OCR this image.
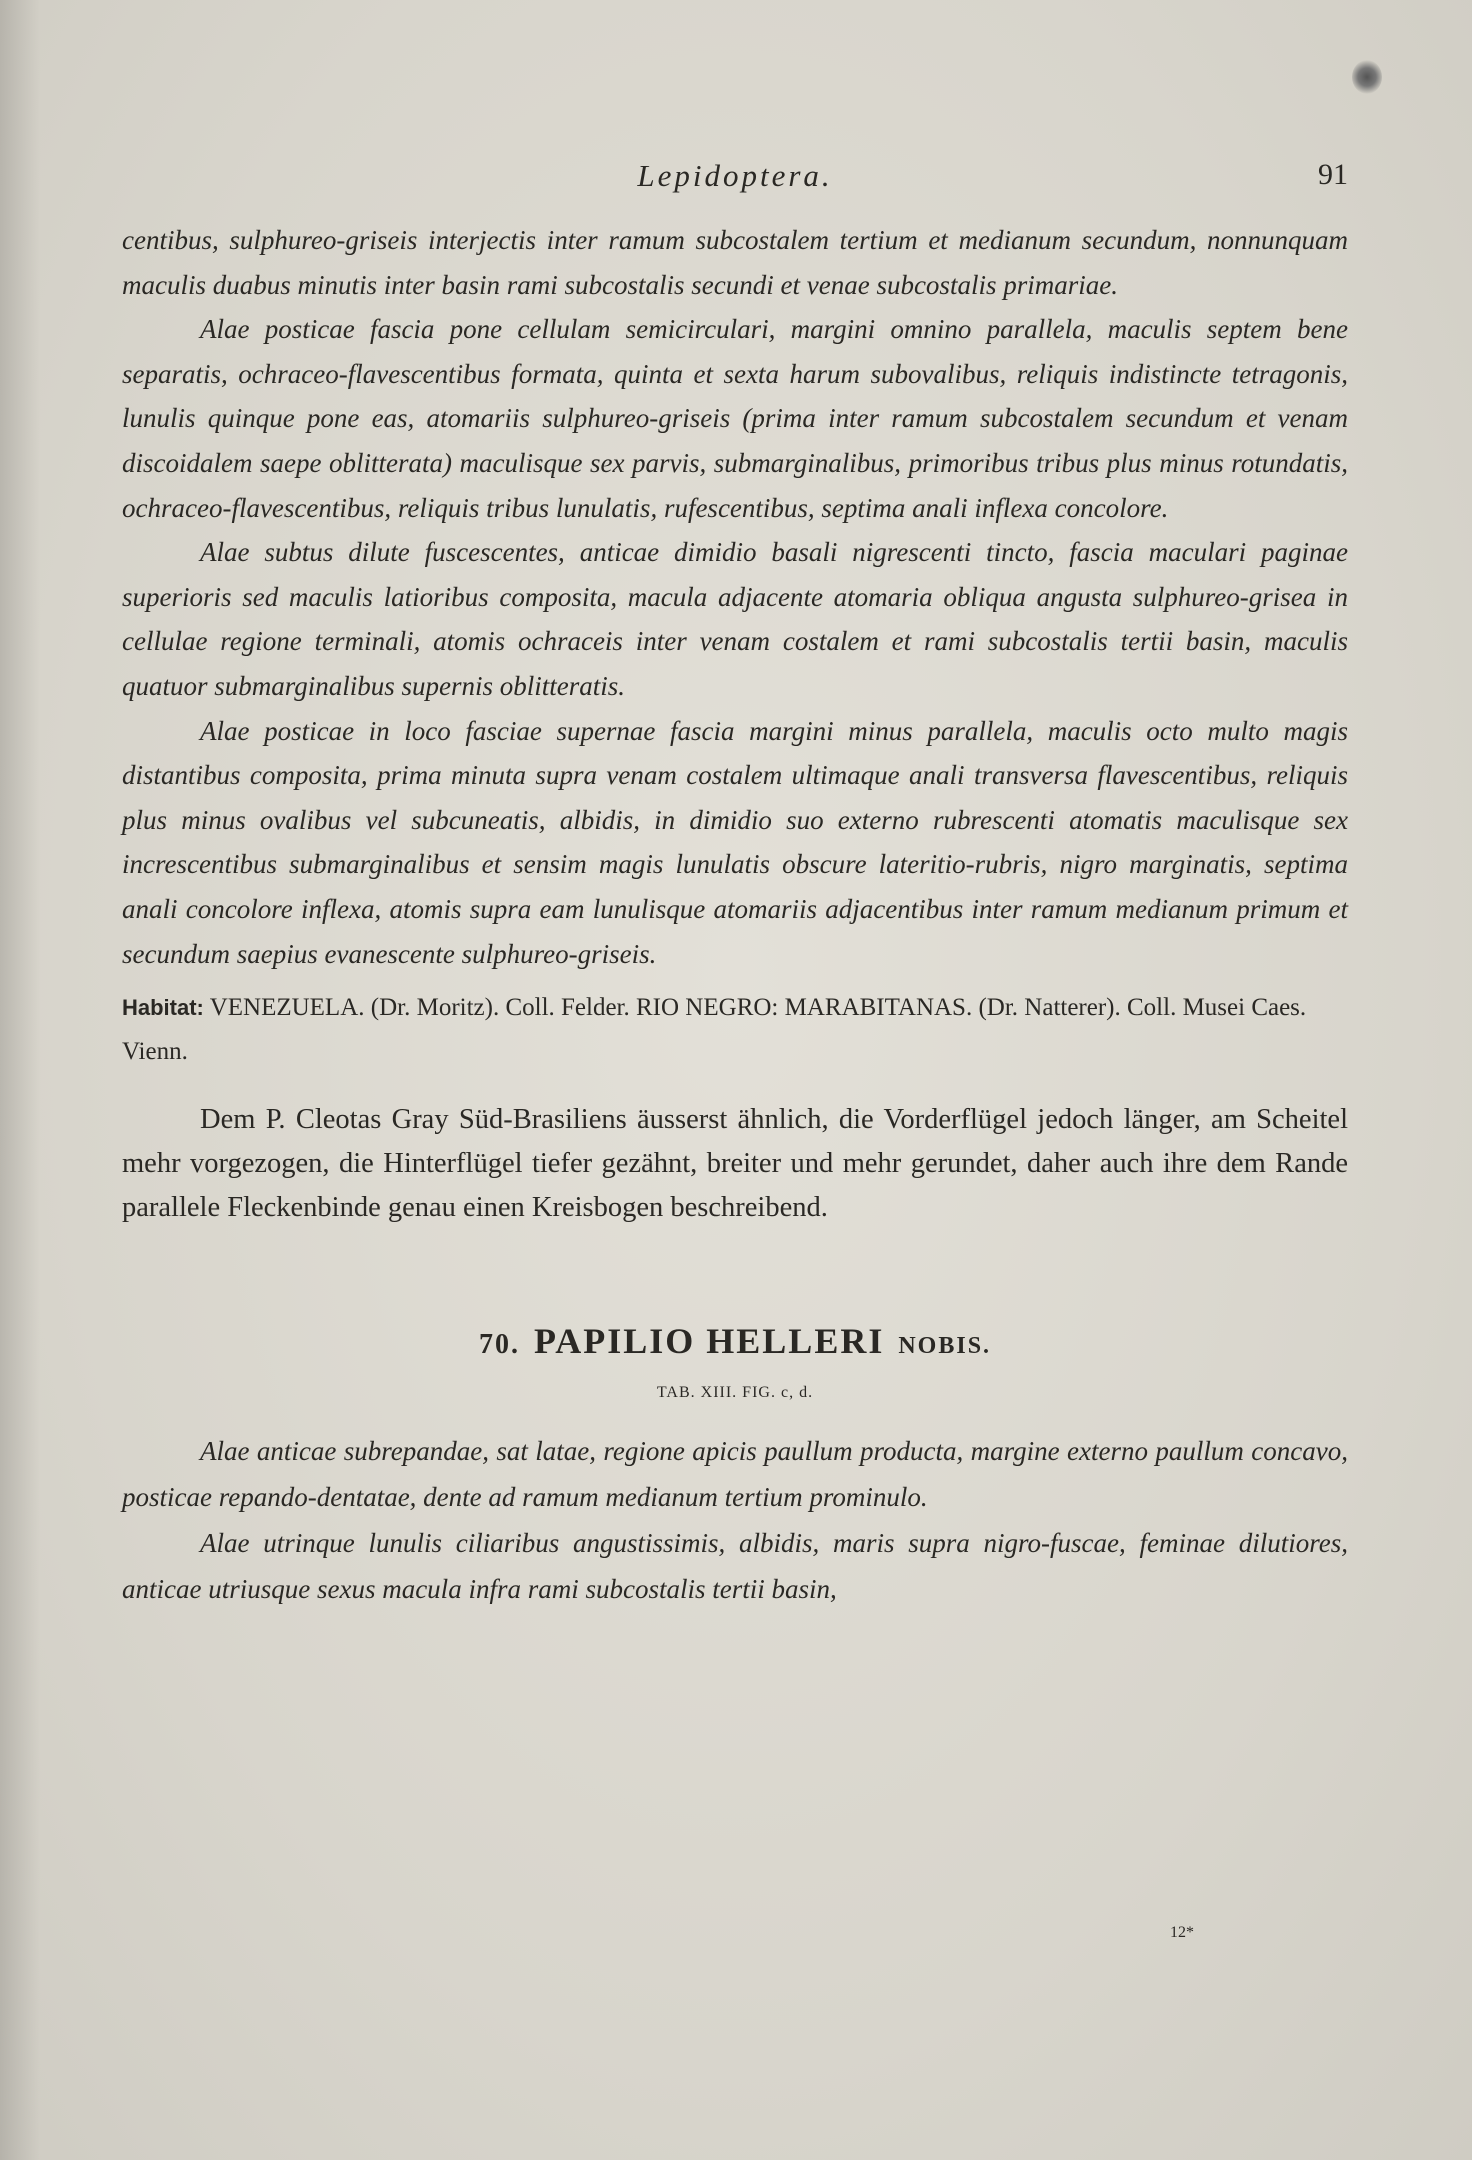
Lepidoptera.	91

centibus, sulphureo-griseis interjectis inter ramum subcostalem tertium et medianum secundum, nonnunquam maculis duabus minutis inter basin rami subcostalis secundi et venae subcostalis primariae.

Alae posticae fascia pone cellulam semicirculari, margini omnino parallela, maculis septem bene separatis, ochraceo-flavescentibus formata, quinta et sexta harum subovalibus, reliquis indistincte tetragonis, lunulis quinque pone eas, atomariis sulphureo-griseis (prima inter ramum subcostalem secundum et venam discoidalem saepe oblitterata) maculisque sex parvis, submarginalibus, primoribus tribus plus minus rotundatis, ochraceo-flavescentibus, reliquis tribus lunulatis, rufescentibus, septima anali inflexa concolore.

Alae subtus dilute fuscescentes, anticae dimidio basali nigrescenti tincto, fascia maculari paginae superioris sed maculis latioribus composita, macula adjacente atomaria obliqua angusta sulphureo-grisea in cellulae regione terminali, atomis ochraceis inter venam costalem et rami subcostalis tertii basin, maculis quatuor submarginalibus supernis oblitteratis.

Alae posticae in loco fasciae supernae fascia margini minus parallela, maculis octo multo magis distantibus composita, prima minuta supra venam costalem ultimaque anali transversa flavescentibus, reliquis plus minus ovalibus vel subcuneatis, albidis, in dimidio suo externo rubrescenti atomatis maculisque sex increscentibus submarginalibus et sensim magis lunulatis obscure lateritio-rubris, nigro marginatis, septima anali concolore inflexa, atomis supra eam lunulisque atomariis adjacentibus inter ramum medianum primum et secundum saepius evanescente sulphureo-griseis.

Habitat: VENEZUELA. (Dr. Moritz). Coll. Felder. RIO NEGRO: MARABITANAS. (Dr. Natterer). Coll. Musei Caes. Vienn.

Dem P. Cleotas Gray Süd-Brasiliens äusserst ähnlich, die Vorderflügel jedoch länger, am Scheitel mehr vorgezogen, die Hinterflügel tiefer gezähnt, breiter und mehr gerundet, daher auch ihre dem Rande parallele Fleckenbinde genau einen Kreisbogen beschreibend.

70. PAPILIO HELLERI NOBIS.
TAB. XIII. FIG. c, d.

Alae anticae subrepandae, sat latae, regione apicis paullum producta, margine externo paullum concavo, posticae repando-dentatae, dente ad ramum medianum tertium prominulo.

Alae utrinque lunulis ciliaribus angustissimis, albidis, maris supra nigro-fuscae, feminae dilutiores, anticae utriusque sexus macula infra rami subcostalis tertii basin,

12*
